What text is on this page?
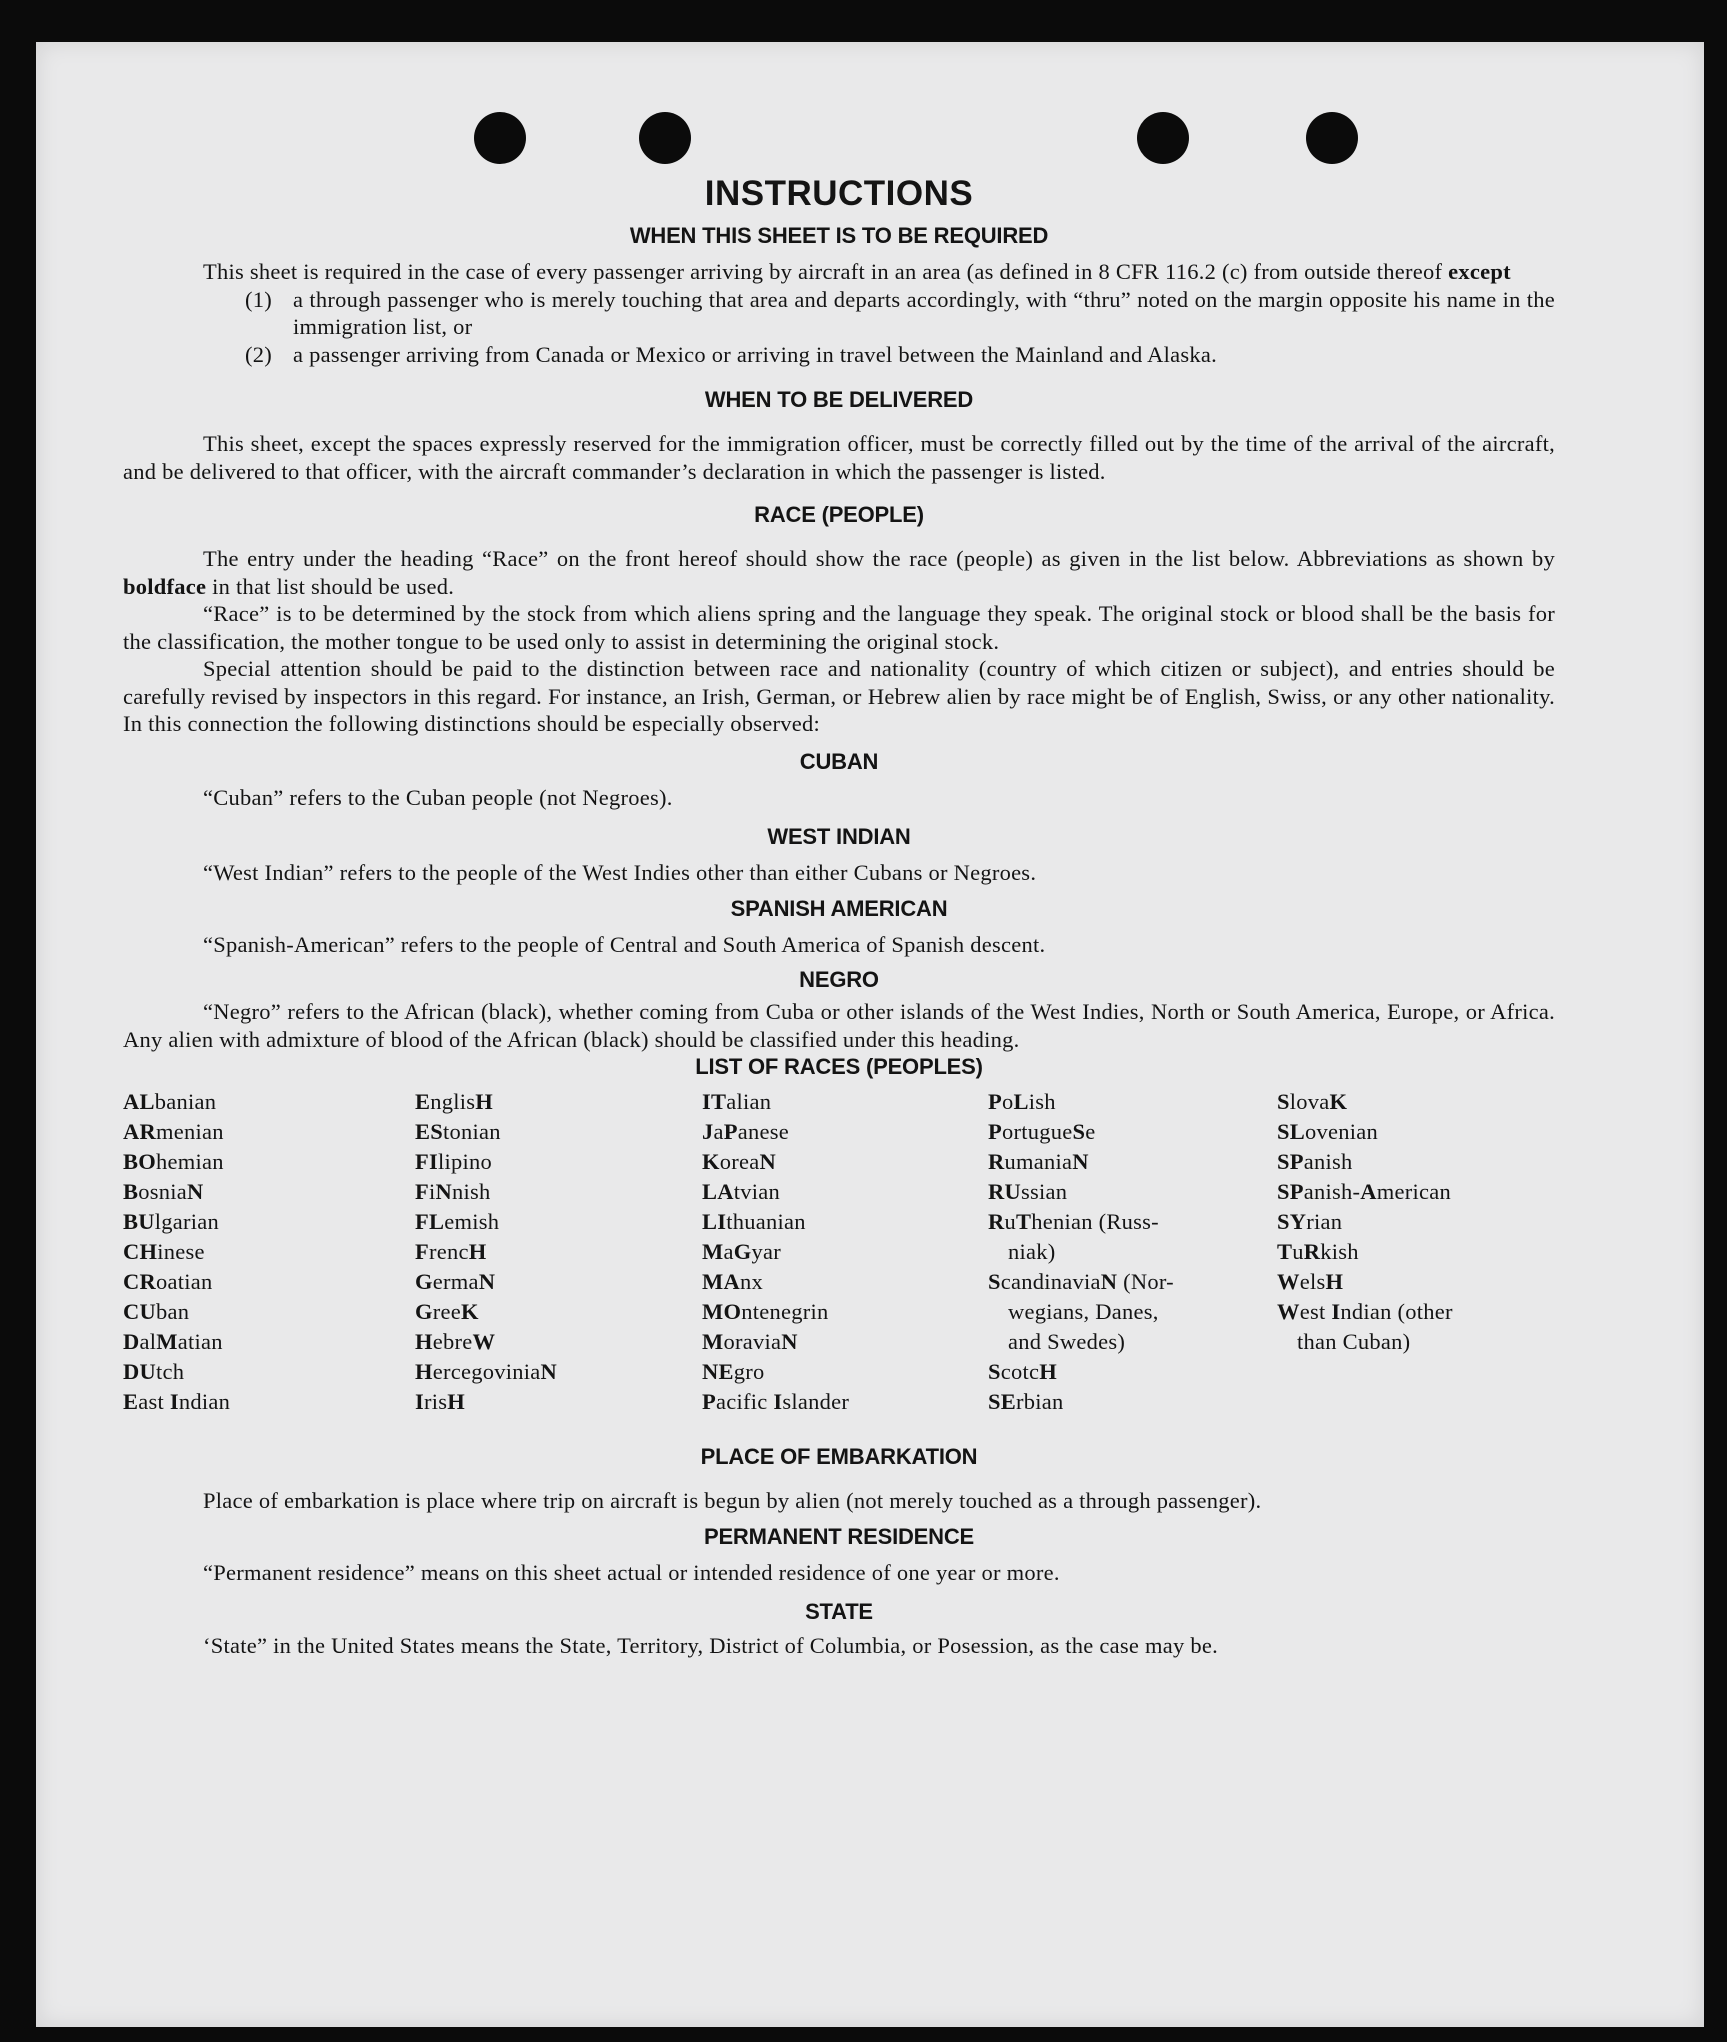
INSTRUCTIONS
WHEN THIS SHEET IS TO BE REQUIRED

This sheet is required in the case of every passenger arriving by aircraft in an area (as defined in 8 CFR 116.2 (c) from outside thereof except

(1) a through passenger who is merely touching that area and departs accordingly, with “thru” noted on the margin opposite his name in the immigration list, or
(2) a passenger arriving from Canada or Mexico or arriving in travel between the Mainland and Alaska.
WHEN TO BE DELIVERED

This sheet, except the spaces expressly reserved for the immigration officer, must be correctly filled out by the time of the arrival of the aircraft, and be delivered to that officer, with the aircraft commander’s declaration in which the passenger is listed.

RACE (PEOPLE)

The entry under the heading “Race” on the front hereof should show the race (people) as given in the list below. Abbreviations as shown by boldface in that list should be used.

“Race” is to be determined by the stock from which aliens spring and the language they speak. The original stock or blood shall be the basis for the classification, the mother tongue to be used only to assist in determining the original stock.

Special attention should be paid to the distinction between race and nationality (country of which citizen or subject), and entries should be carefully revised by inspectors in this regard. For instance, an Irish, German, or Hebrew alien by race might be of English, Swiss, or any other nationality. In this connection the following distinctions should be especially observed:

CUBAN

“Cuban” refers to the Cuban people (not Negroes).

WEST INDIAN

“West Indian” refers to the people of the West Indies other than either Cubans or Negroes.

SPANISH AMERICAN

“Spanish-American” refers to the people of Central and South America of Spanish descent.

NEGRO

“Negro” refers to the African (black), whether coming from Cuba or other islands of the West Indies, North or South America, Europe, or Africa. Any alien with admixture of blood of the African (black) should be classified under this heading.

LIST OF RACES (PEOPLES)
ALbanian
ARmenian
BOhemian
BosniaN
BUlgarian
CHinese
CRoatian
CUban
DalMatian
DUtch
East Indian
EnglisH
EStonian
FIlipino
FiNnish
FLemish
FrencH
GermaN
GreeK
HebreW
HercegoviniaN
IrisH
ITalian
JaPanese
KoreaN
LAtvian
LIthuanian
MaGyar
MAnx
MOntenegrin
MoraviaN
NEgro
Pacific Islander
PoLish
PortugueSe
RumaniaN
RUssian
RuThenian (Russ-
niak)
ScandinaviaN (Nor-
wegians, Danes,
and Swedes)
ScotcH
SErbian
SlovaK
SLovenian
SPanish
SPanish-American
SYrian
TuRkish
WelsH
West Indian (other
than Cuban)
PLACE OF EMBARKATION

Place of embarkation is place where trip on aircraft is begun by alien (not merely touched as a through passenger).

PERMANENT RESIDENCE

“Permanent residence” means on this sheet actual or intended residence of one year or more.

STATE

‘State” in the United States means the State, Territory, District of Columbia, or Posession, as the case may be.
